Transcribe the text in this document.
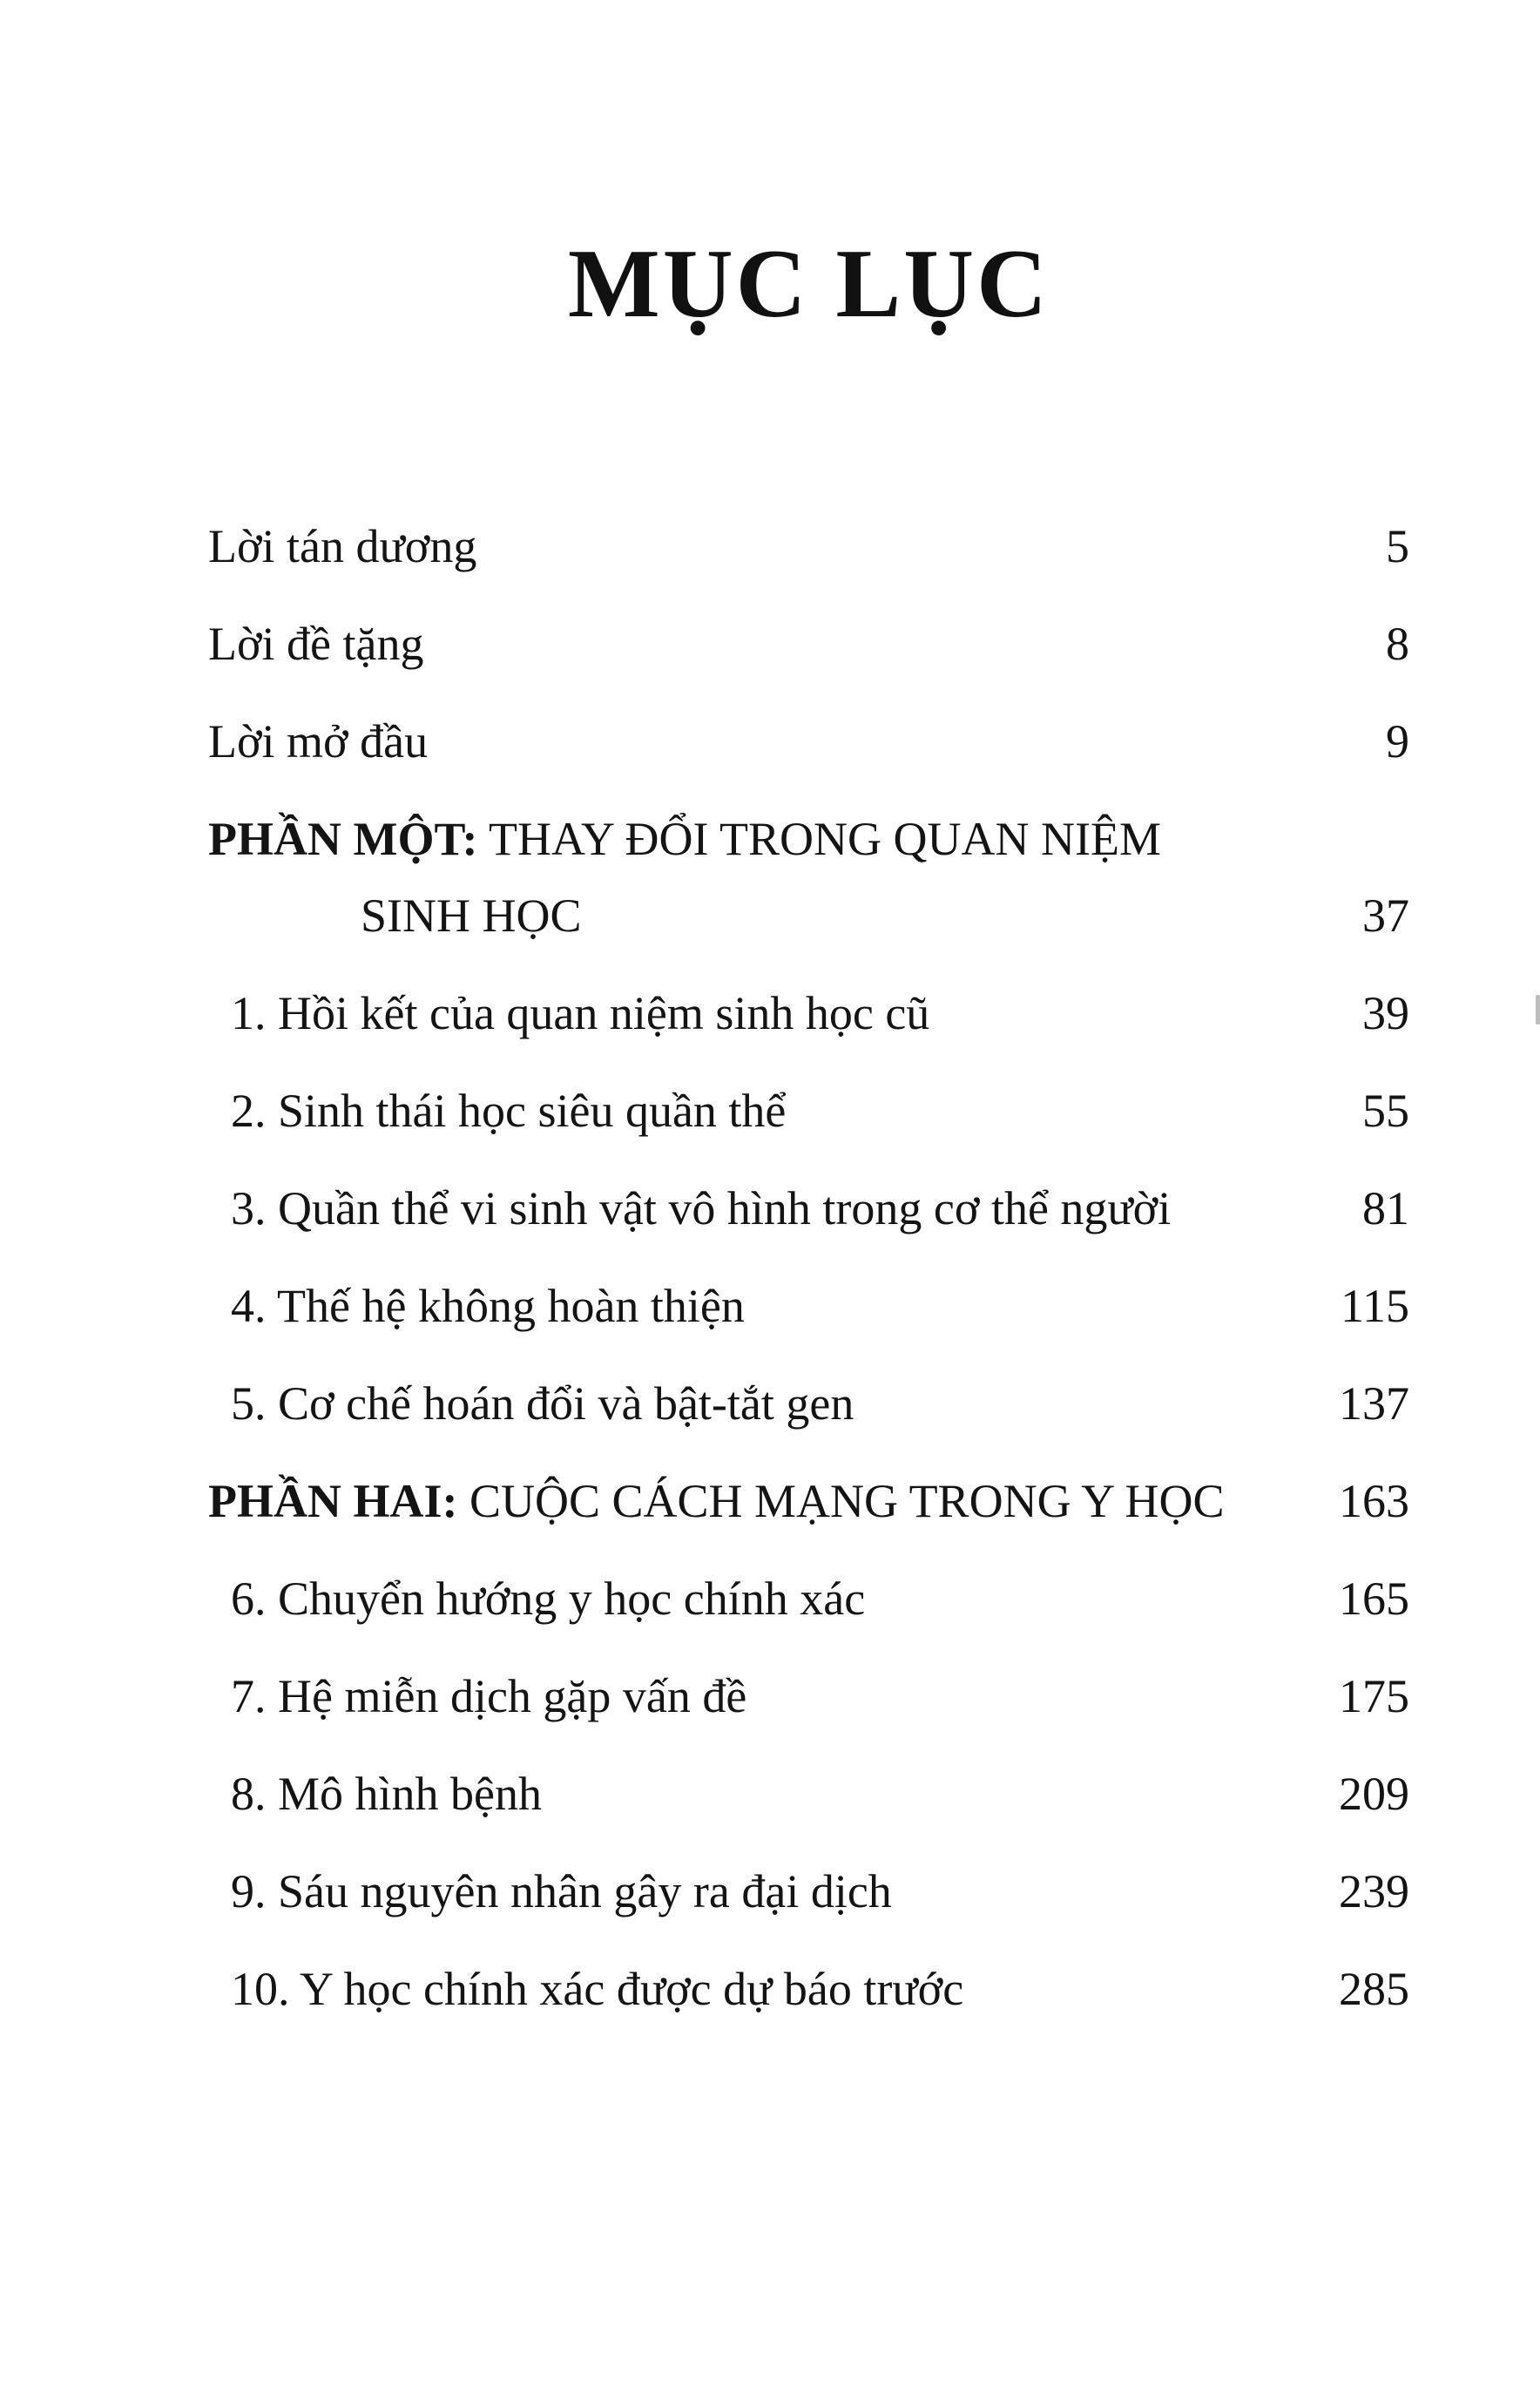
MỤC LỤC
Lời tán dương	5
Lời đề tặng	8
Lời mở đầu	9
PHẦN MỘT: THAY ĐỔI TRONG QUAN NIỆM
SINH HỌC	37
1. Hồi kết của quan niệm sinh học cũ	39
2. Sinh thái học siêu quần thể	55
3. Quần thể vi sinh vật vô hình trong cơ thể người	81
4. Thế hệ không hoàn thiện	115
5. Cơ chế hoán đổi và bật-tắt gen	137
PHẦN HAI: CUỘC CÁCH MẠNG TRONG Y HỌC	163
6. Chuyển hướng y học chính xác	165
7. Hệ miễn dịch gặp vấn đề	175
8. Mô hình bệnh	209
9. Sáu nguyên nhân gây ra đại dịch	239
10. Y học chính xác được dự báo trước	285
